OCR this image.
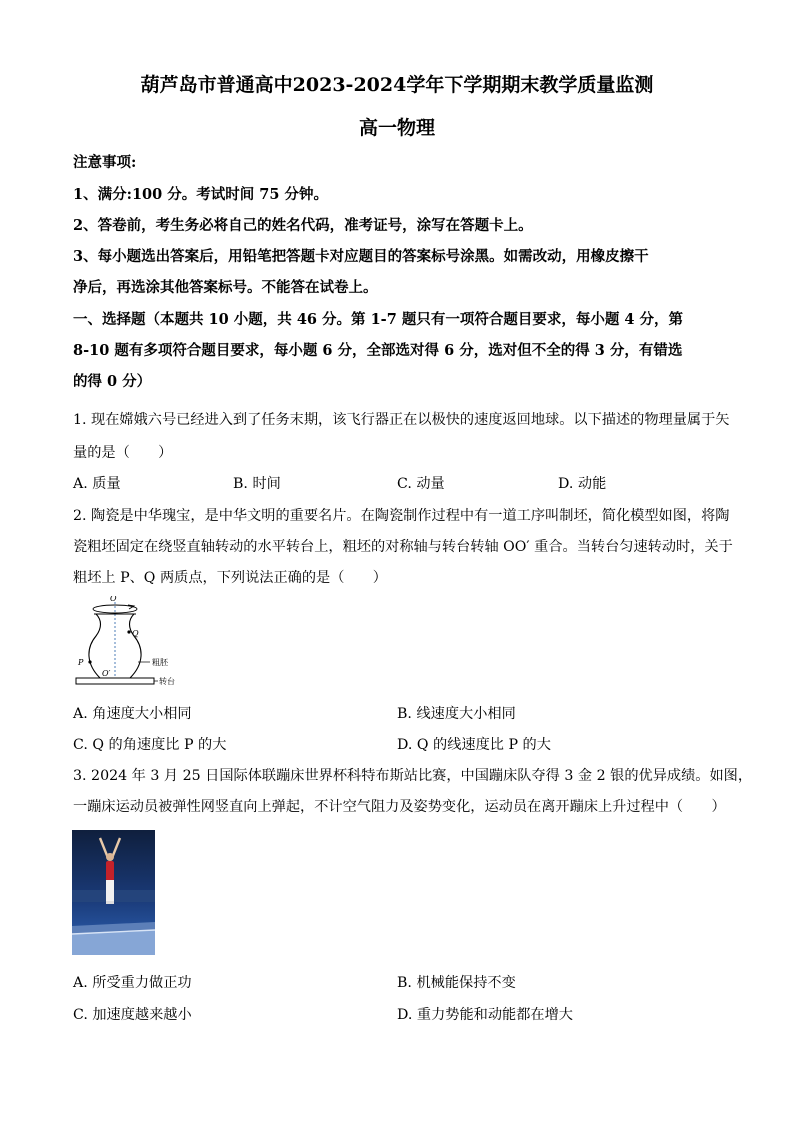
葫芦岛市普通高中2023-2024学年下学期期末教学质量监测
高一物理
注意事项:
1、满分:100 分。考试时间 75 分钟。
2、答卷前，考生务必将自己的姓名代码，准考证号，涂写在答题卡上。
3、每小题选出答案后，用铅笔把答题卡对应题目的答案标号涂黑。如需改动，用橡皮擦干
净后，再选涂其他答案标号。不能答在试卷上。
一、选择题（本题共 10 小题，共 46 分。第 1-7 题只有一项符合题目要求，每小题 4 分，第
8-10 题有多项符合题目要求，每小题 6 分，全部选对得 6 分，选对但不全的得 3 分，有错选
的得 0 分）
1. 现在嫦娥六号已经进入到了任务末期，该飞行器正在以极快的速度返回地球。以下描述的物理量属于矢
量的是（　　）
A. 质量	B. 时间	C. 动量	D. 动能
2. 陶瓷是中华瑰宝，是中华文明的重要名片。在陶瓷制作过程中有一道工序叫制坯，简化模型如图，将陶
瓷粗坯固定在绕竖直轴转动的水平转台上，粗坯的对称轴与转台转轴 OO′ 重合。当转台匀速转动时，关于
粗坯上 P、Q 两质点，下列说法正确的是（　　）
O
Q
P
O′
粗胚
转台
A. 角速度大小相同	B. 线速度大小相同
C. Q 的角速度比 P 的大	D. Q 的线速度比 P 的大
3. 2024 年 3 月 25 日国际体联蹦床世界杯科特布斯站比赛，中国蹦床队夺得 3 金 2 银的优异成绩。如图，
一蹦床运动员被弹性网竖直向上弹起，不计空气阻力及姿势变化，运动员在离开蹦床上升过程中（　　）
A. 所受重力做正功	B. 机械能保持不变
C. 加速度越来越小	D. 重力势能和动能都在增大
